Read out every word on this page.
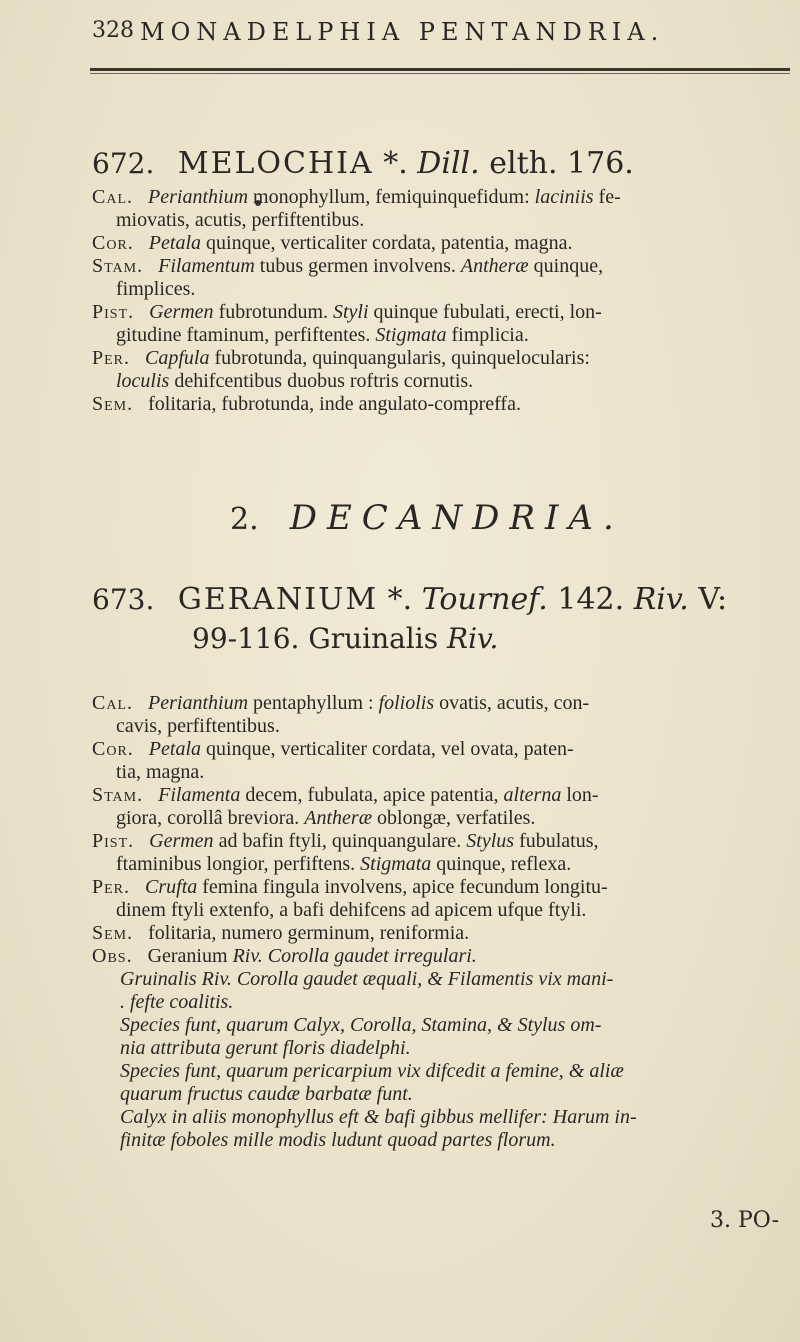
328 MONADELPHIA PENTANDRIA.
672. MELOCHIA *. Dill. elth. 176.
Cal. Perianthium monophyllum, femiquinquefidum: laciniis fe-
miovatis, acutis, perfiftentibus.
Cor. Petala quinque, verticaliter cordata, patentia, magna.
Stam. Filamentum tubus germen involvens. Antheræ quinque,
fimplices.
Pist. Germen fubrotundum. Styli quinque fubulati, erecti, lon-
gitudine ftaminum, perfiftentes. Stigmata fimplicia.
Per. Capfula fubrotunda, quinquangularis, quinquelocularis:
loculis dehifcentibus duobus roftris cornutis.
Sem. folitaria, fubrotunda, inde angulato-compreffa.
2. DECANDRIA.
673. GERANIUM *. Tournef. 142. Riv. V:
99-116. Gruinalis Riv.
Cal. Perianthium pentaphyllum : foliolis ovatis, acutis, con-
cavis, perfiftentibus.
Cor. Petala quinque, verticaliter cordata, vel ovata, paten-
tia, magna.
Stam. Filamenta decem, fubulata, apice patentia, alterna lon-
giora, corollâ breviora. Antheræ oblongæ, verfatiles.
Pist. Germen ad bafin ftyli, quinquangulare. Stylus fubulatus,
ftaminibus longior, perfiftens. Stigmata quinque, reflexa.
Per. Crufta femina fingula involvens, apice fecundum longitu-
dinem ftyli extenfo, a bafi dehifcens ad apicem ufque ftyli.
Sem. folitaria, numero germinum, reniformia.
Obs. Geranium Riv. Corolla gaudet irregulari.
Gruinalis Riv. Corolla gaudet æquali, & Filamentis vix mani-
. fefte coalitis.
Species funt, quarum Calyx, Corolla, Stamina, & Stylus om-
nia attributa gerunt floris diadelphi.
Species funt, quarum pericarpium vix difcedit a femine, & aliæ
quarum fructus caudæ barbatæ funt.
Calyx in aliis monophyllus eft & bafi gibbus mellifer: Harum in-
finitæ foboles mille modis ludunt quoad partes florum.
3. PO-
